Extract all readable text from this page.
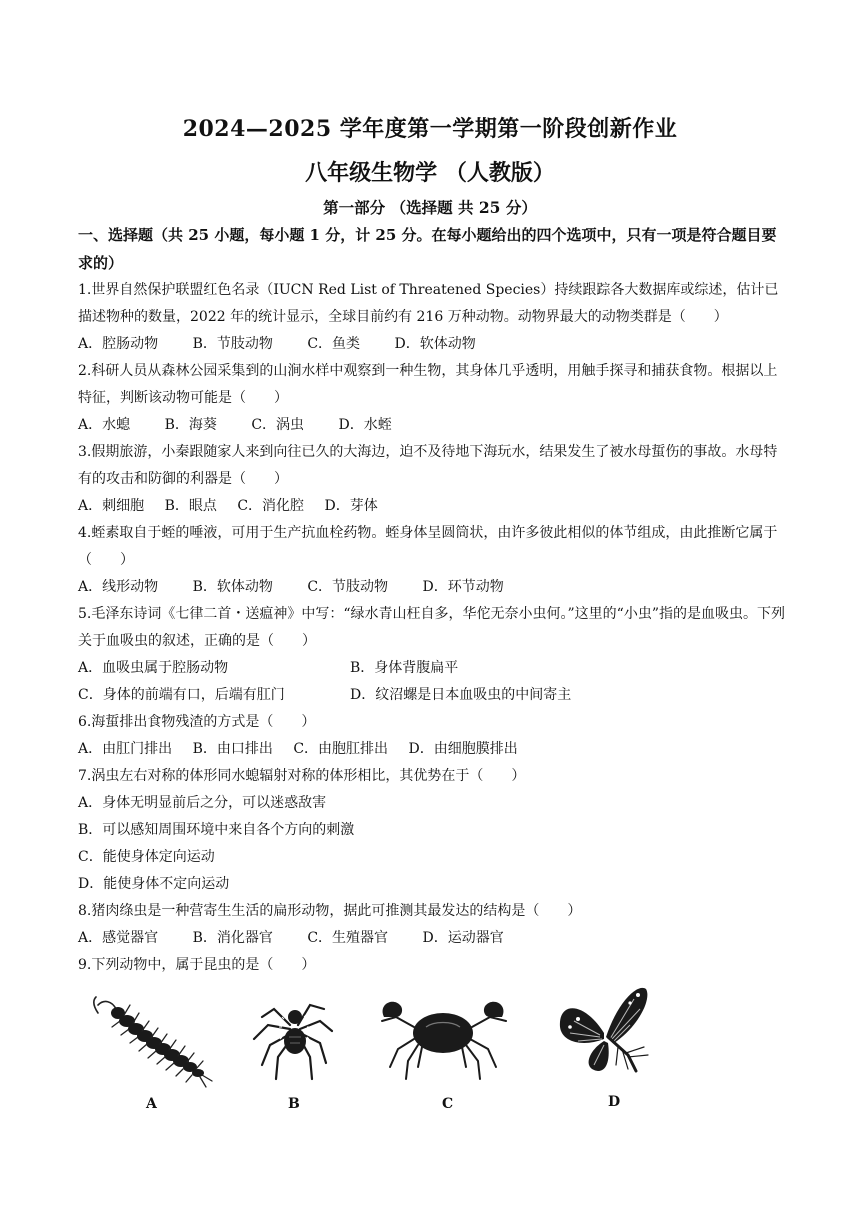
2024—2025 学年度第一学期第一阶段创新作业
八年级生物学 （人教版）
第一部分 （选择题 共 25 分）
一、选择题（共 25 小题，每小题 1 分，计 25 分。在每小题给出的四个选项中，只有一项是符合题目要求的）
1.世界自然保护联盟红色名录（IUCN Red List of Threatened Species）持续跟踪各大数据库或综述，估计已描述物种的数量，2022 年的统计显示，全球目前约有 216 万种动物。动物界最大的动物类群是（　　）
A．腔肠动物 B．节肢动物 C．鱼类 D．软体动物
2.科研人员从森林公园采集到的山涧水样中观察到一种生物，其身体几乎透明，用触手探寻和捕获食物。根据以上特征，判断该动物可能是（　　）
A．水螅 B．海葵 C．涡虫 D．水蛭
3.假期旅游，小秦跟随家人来到向往已久的大海边，迫不及待地下海玩水，结果发生了被水母蜇伤的事故。水母特有的攻击和防御的利器是（　　）
A．刺细胞 B．眼点 C．消化腔 D．芽体
4.蛭素取自于蛭的唾液，可用于生产抗血栓药物。蛭身体呈圆筒状，由许多彼此相似的体节组成，由此推断它属于（　　）
A．线形动物 B．软体动物 C．节肢动物 D．环节动物
5.毛泽东诗词《七律二首・送瘟神》中写：“绿水青山枉自多，华佗无奈小虫何。”这里的“小虫”指的是血吸虫。下列关于血吸虫的叙述，正确的是（　　）
A．血吸虫属于腔肠动物	B．身体背腹扁平
C．身体的前端有口，后端有肛门	D．纹沼螺是日本血吸虫的中间寄主
6.海蜇排出食物残渣的方式是（　　）
A．由肛门排出 B．由口排出 C．由胞肛排出 D．由细胞膜排出
7.涡虫左右对称的体形同水螅辐射对称的体形相比，其优势在于（　　）
A．身体无明显前后之分，可以迷惑敌害
B．可以感知周围环境中来自各个方向的刺激
C．能使身体定向运动
D．能使身体不定向运动
8.猪肉绦虫是一种营寄生生活的扁形动物，据此可推测其最发达的结构是（　　）
A．感觉器官 B．消化器官 C．生殖器官 D．运动器官
9.下列动物中，属于昆虫的是（　　）
A	B	C	D
